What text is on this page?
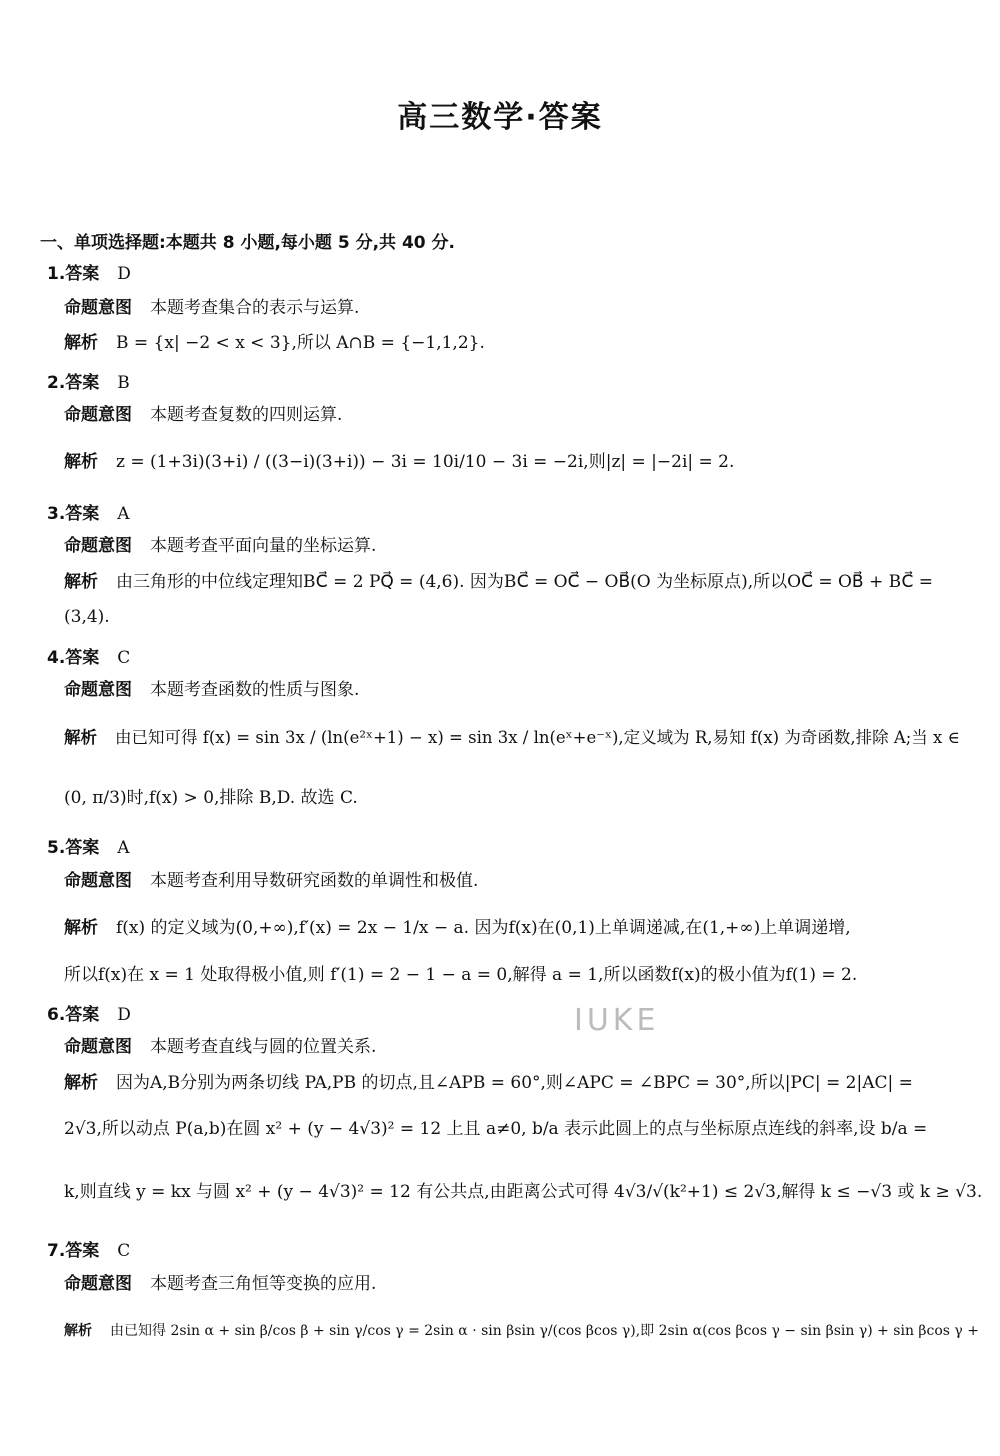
高三数学·答案
一、单项选择题:本题共 8 小题,每小题 5 分,共 40 分.
IUKE
1.答案 D
命题意图 本题考查集合的表示与运算.
解析 B = {x| −2 < x < 3},所以 A∩B = {−1,1,2}.
2.答案 B
命题意图 本题考查复数的四则运算.
解析 z = (1+3i)(3+i) / ((3−i)(3+i)) − 3i = 10i/10 − 3i = −2i,则|z| = |−2i| = 2.
3.答案 A
命题意图 本题考查平面向量的坐标运算.
解析 由三角形的中位线定理知BC⃗ = 2 PQ⃗ = (4,6). 因为BC⃗ = OC⃗ − OB⃗(O 为坐标原点),所以OC⃗ = OB⃗ + BC⃗ =
(3,4).
4.答案 C
命题意图 本题考查函数的性质与图象.
解析 由已知可得 f(x) = sin 3x / (ln(e²ˣ+1) − x) = sin 3x / ln(eˣ+e⁻ˣ),定义域为 R,易知 f(x) 为奇函数,排除 A;当 x ∈
(0, π/3)时,f(x) > 0,排除 B,D. 故选 C.
5.答案 A
命题意图 本题考查利用导数研究函数的单调性和极值.
解析 f(x) 的定义域为(0,+∞),f′(x) = 2x − 1/x − a. 因为f(x)在(0,1)上单调递减,在(1,+∞)上单调递增,
所以f(x)在 x = 1 处取得极小值,则 f′(1) = 2 − 1 − a = 0,解得 a = 1,所以函数f(x)的极小值为f(1) = 2.
6.答案 D
命题意图 本题考查直线与圆的位置关系.
解析 因为A,B分别为两条切线 PA,PB 的切点,且∠APB = 60°,则∠APC = ∠BPC = 30°,所以|PC| = 2|AC| =
2√3,所以动点 P(a,b)在圆 x² + (y − 4√3)² = 12 上且 a≠0, b/a 表示此圆上的点与坐标原点连线的斜率,设 b/a =
k,则直线 y = kx 与圆 x² + (y − 4√3)² = 12 有公共点,由距离公式可得 4√3/√(k²+1) ≤ 2√3,解得 k ≤ −√3 或 k ≥ √3.
7.答案 C
命题意图 本题考查三角恒等变换的应用.
解析 由已知得 2sin α + sin β/cos β + sin γ/cos γ = 2sin α · sin βsin γ/(cos βcos γ),即 2sin α(cos βcos γ − sin βsin γ) + sin βcos γ +
